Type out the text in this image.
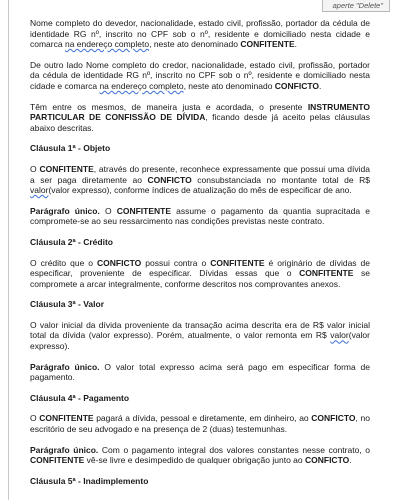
aperte "Delete"

Nome completo do devedor, nacionalidade, estado civil, profissão, portador da cédula de identidade RG nº, inscrito no CPF sob o nº, residente e domiciliado nesta cidade e comarca na endereço completo, neste ato denominado CONFITENTE.

De outro lado Nome completo do credor, nacionalidade, estado civil, profissão, portador da cédula de identidade RG nº, inscrito no CPF sob o nº, residente e domiciliado nesta cidade e comarca na endereço completo, neste ato denominado CONFICTO.

Têm entre os mesmos, de maneira justa e acordada, o presente INSTRUMENTO PARTICULAR DE CONFISSÃO DE DÍVIDA, ficando desde já aceito pelas cláusulas abaixo descritas.

Cláusula 1ª - Objeto

O CONFITENTE, através do presente, reconhece expressamente que possui uma dívida a ser paga diretamente ao CONFICTO consubstanciada no montante total de R$ valor(valor expresso), conforme índices de atualização do mês de especificar de ano.

Parágrafo único. O CONFITENTE assume o pagamento da quantia supracitada e compromete-se ao seu ressarcimento nas condições previstas neste contrato.

Cláusula 2ª - Crédito

O crédito que o CONFICTO possui contra o CONFITENTE é originário de dívidas de especificar, proveniente de especificar. Dívidas essas que o CONFITENTE se compromete a arcar integralmente, conforme descritos nos comprovantes anexos.

Cláusula 3ª - Valor

O valor inicial da dívida proveniente da transação acima descrita era de R$ valor inicial total da dívida (valor expresso). Porém, atualmente, o valor remonta em R$ valor(valor expresso).

Parágrafo único. O valor total expresso acima será pago em especificar forma de pagamento.

Cláusula 4ª - Pagamento

O CONFITENTE pagará a dívida, pessoal e diretamente, em dinheiro, ao CONFICTO, no escritório de seu advogado e na presença de 2 (duas) testemunhas.

Parágrafo único. Com o pagamento integral dos valores constantes nesse contrato, o CONFITENTE vê-se livre e desimpedido de qualquer obrigação junto ao CONFICTO.

Cláusula 5ª - Inadimplemento
